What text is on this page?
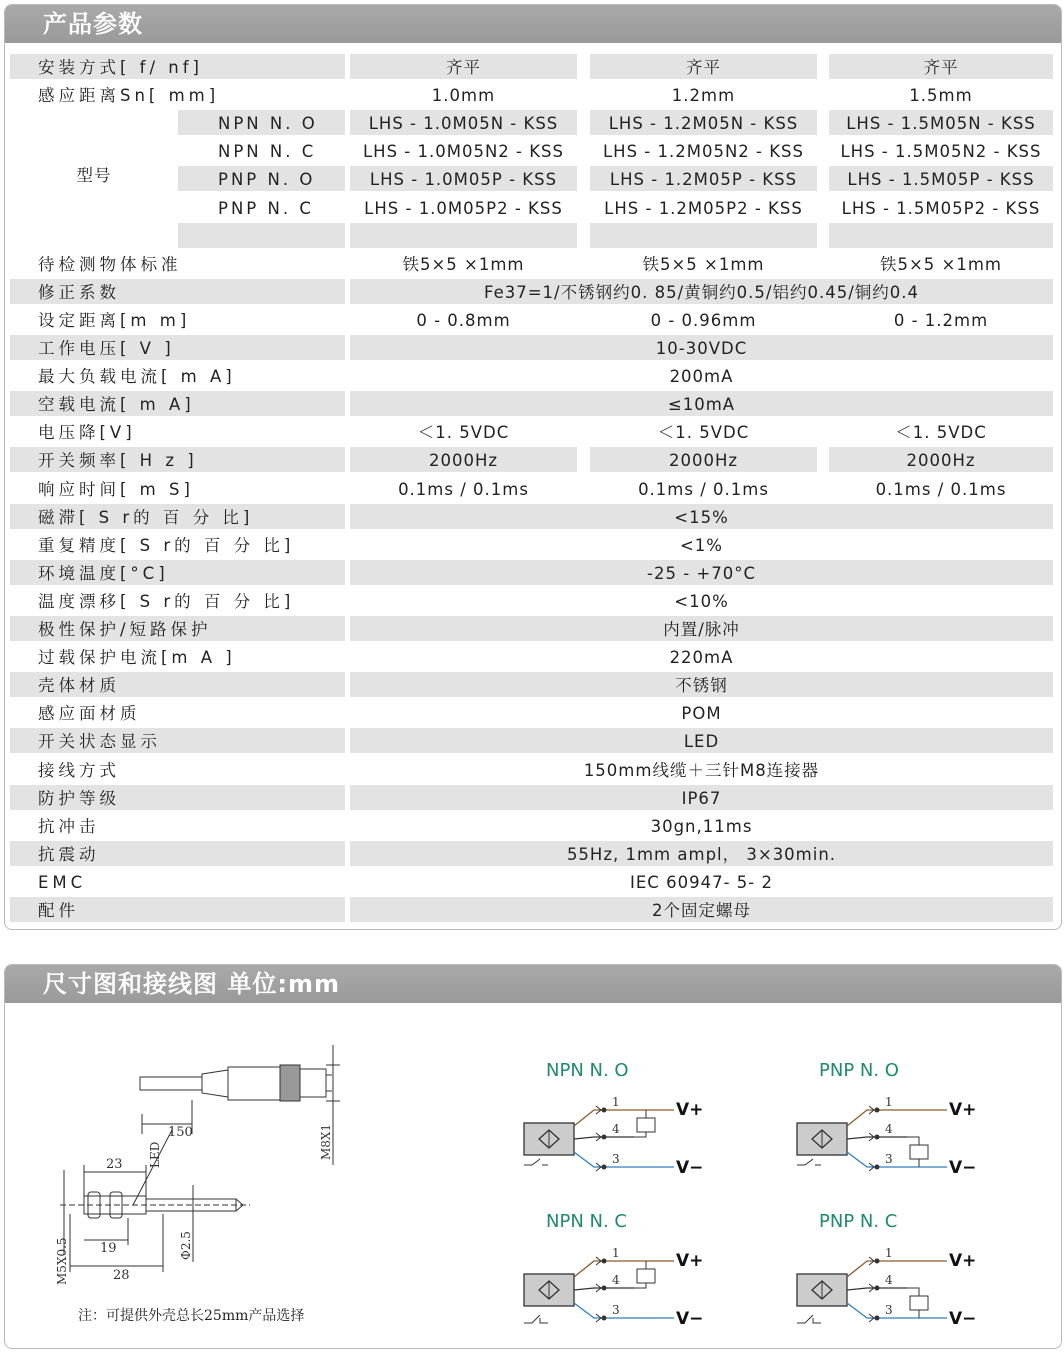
产品参数
安装方式[ f/ nf]	齐平	齐平	齐平
感应距离Sn[ mm]	1.0mm	1.2mm	1.5mm
型号
NPN N. O	LHS - 1.0M05N - KSS	LHS - 1.2M05N - KSS	LHS - 1.5M05N - KSS
NPN N. C	LHS - 1.0M05N2 - KSS	LHS - 1.2M05N2 - KSS	LHS - 1.5M05N2 - KSS
PNP N. O	LHS - 1.0M05P - KSS	LHS - 1.2M05P - KSS	LHS - 1.5M05P - KSS
PNP N. C	LHS - 1.0M05P2 - KSS	LHS - 1.2M05P2 - KSS	LHS - 1.5M05P2 - KSS
待检测物体标准	铁5×5 ×1mm	铁5×5 ×1mm	铁5×5 ×1mm
修正系数	Fe37=1/不锈钢约0. 85/黄铜约0.5/铝约0.45/铜约0.4
设定距离[m m]	0 - 0.8mm	0 - 0.96mm	0 - 1.2mm
工作电压[ V ]	10-30VDC
最大负载电流[ m A]	200mA
空载电流[ m A]	≤10mA
电压降[V]	＜1. 5VDC	＜1. 5VDC	＜1. 5VDC
开关频率[ H z ]	2000Hz	2000Hz	2000Hz
响应时间[ m S]	0.1ms / 0.1ms	0.1ms / 0.1ms	0.1ms / 0.1ms
磁滞[ S r的 百 分 比]	<15%
重复精度[ S r的 百 分 比]	<1%
环境温度[°C]	-25 - +70°C
温度漂移[ S r的 百 分 比]	<10%
极性保护/短路保护	内置/脉冲
过载保护电流[m A ]	220mA
壳体材质	不锈钢
感应面材质	POM
开关状态显示	LED
接线方式	150mm线缆＋三针M8连接器
防护等级	IP67
抗冲击	30gn,11ms
抗震动	55Hz, 1mm ampl， 3×30min.
EMC	IEC 60947- 5- 2
配件	2个固定螺母
尺寸图和接线图 单位:mm
150	M8X1
LED
23
19
28
M5X0.5	Φ2.5
注：可提供外壳总长25mm产品选择
NPN N. O
1
4
3
V+
V−
PNP N. O
1
4
3
V+
V−
NPN N. C
1
4
3
V+
V−
PNP N. C
1
4
3
V+
V−
